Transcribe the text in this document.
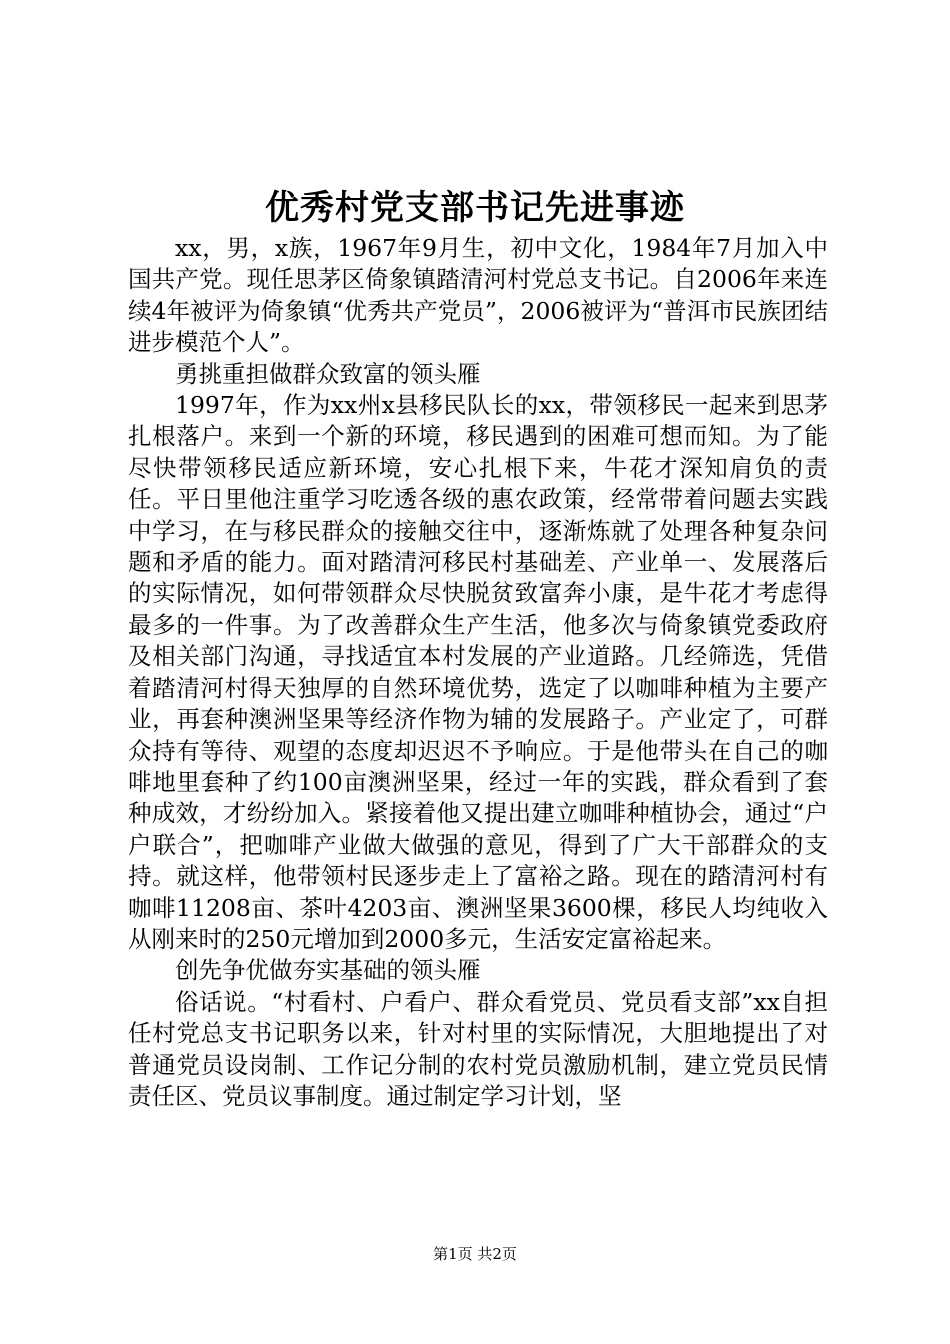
优秀村党支部书记先进事迹

xx，男，x族，1967年9月生，初中文化，1984年7月加入中国共产党。现任思茅区倚象镇踏清河村党总支书记。自2006年来连续4年被评为倚象镇“优秀共产党员”，2006被评为“普洱市民族团结进步模范个人”。

勇挑重担做群众致富的领头雁

1997年，作为xx州x县移民队长的xx，带领移民一起来到思茅扎根落户。来到一个新的环境，移民遇到的困难可想而知。为了能尽快带领移民适应新环境，安心扎根下来，牛花才深知肩负的责任。平日里他注重学习吃透各级的惠农政策，经常带着问题去实践中学习，在与移民群众的接触交往中，逐渐炼就了处理各种复杂问题和矛盾的能力。面对踏清河移民村基础差、产业单一、发展落后的实际情况，如何带领群众尽快脱贫致富奔小康，是牛花才考虑得最多的一件事。为了改善群众生产生活，他多次与倚象镇党委政府及相关部门沟通，寻找适宜本村发展的产业道路。几经筛选，凭借着踏清河村得天独厚的自然环境优势，选定了以咖啡种植为主要产业，再套种澳洲坚果等经济作物为辅的发展路子。产业定了，可群众持有等待、观望的态度却迟迟不予响应。于是他带头在自己的咖啡地里套种了约100亩澳洲坚果，经过一年的实践，群众看到了套种成效，才纷纷加入。紧接着他又提出建立咖啡种植协会，通过“户户联合”，把咖啡产业做大做强的意见，得到了广大干部群众的支持。就这样，他带领村民逐步走上了富裕之路。现在的踏清河村有咖啡11208亩、茶叶4203亩、澳洲坚果3600棵，移民人均纯收入从刚来时的250元增加到2000多元，生活安定富裕起来。

创先争优做夯实基础的领头雁

俗话说。“村看村、户看户、群众看党员、党员看支部”xx自担任村党总支书记职务以来，针对村里的实际情况，大胆地提出了对普通党员设岗制、工作记分制的农村党员激励机制，建立党员民情责任区、党员议事制度。通过制定学习计划，坚

第1页 共2页
